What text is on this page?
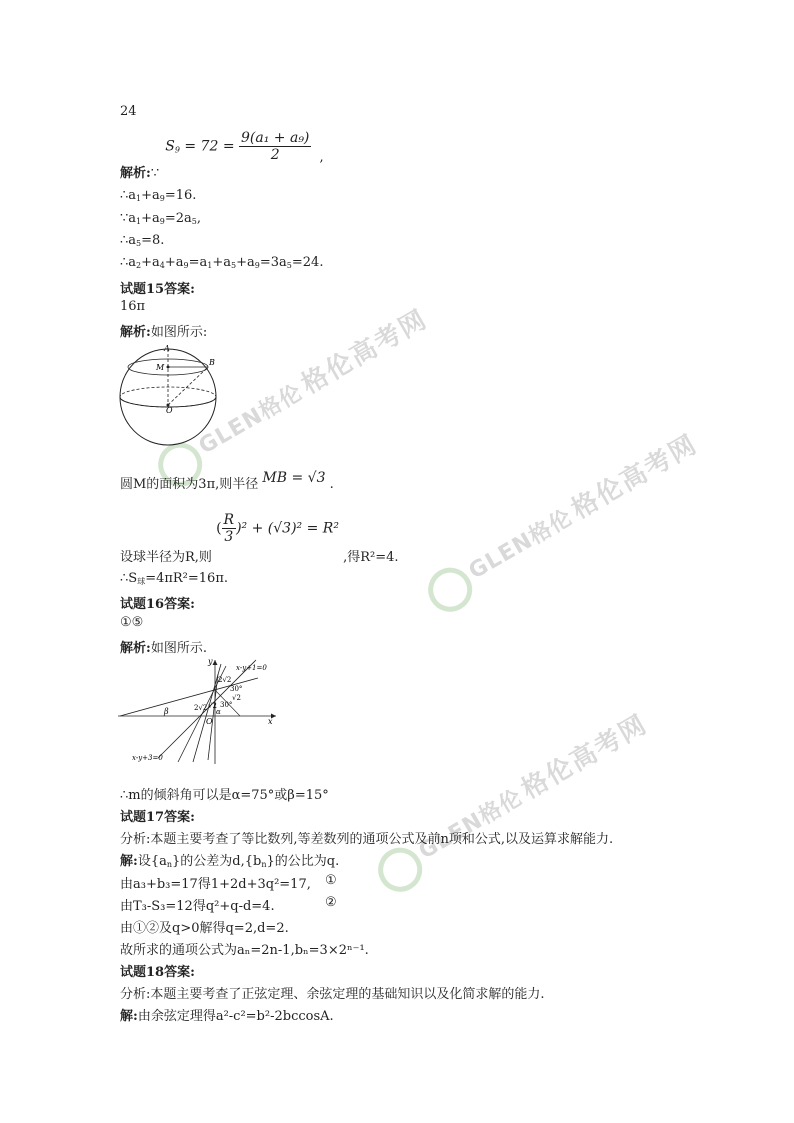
GLEN格伦 格伦高考网
GLEN格伦 格伦高考网
GLEN格伦 格伦高考网
24
解析:∵ $S_9 = 72 = \frac{\text{9(a₁ + a₉)}}{2}$ ,
$\therefore a_1+a_9=16$.
$\because a_1+a_9=2a_5$,
$\therefore a_5=8$.
$\therefore a_2+a_4+a_9=a_1+a_5+a_9=3a_5=24$.
试题15答案:
16π
解析:如图所示:
A
B
M
O
圆M的面积为3π,则半径 MB = √3 .
设球半径为R,则 ( $\frac{R}{3} )^2 + (√3)^2 = R^2$ ,得R²=4.
$\therefore S_球=4\pi R^2=16\pi$.
试题16答案:
①⑤
解析:如图所示.
y
x
O
x-y+1=0
x-y+3=0
β	α
30°
30°
2√2
√2
2√2 √2
∴m的倾斜角可以是α=75°或β=15°
试题17答案:
分析:本题主要考查了等比数列,等差数列的通项公式及前n项和公式,以及运算求解能力.
解:设$\{a_n\}$的公差为$d,\{b_n\}$的公比为q.
由a₃+b₃=17得1+2d+3q²=17, ①
由T₃-S₃=12得q²+q-d=4.	②
由①②及q>0解得q=2,d=2.
故所求的通项公式为aₙ=2n-1,bₙ=3×2ⁿ⁻¹.
试题18答案:
分析:本题主要考查了正弦定理、余弦定理的基础知识以及化简求解的能力.
解:由余弦定理得a²-c²=b²-2bccosA.
